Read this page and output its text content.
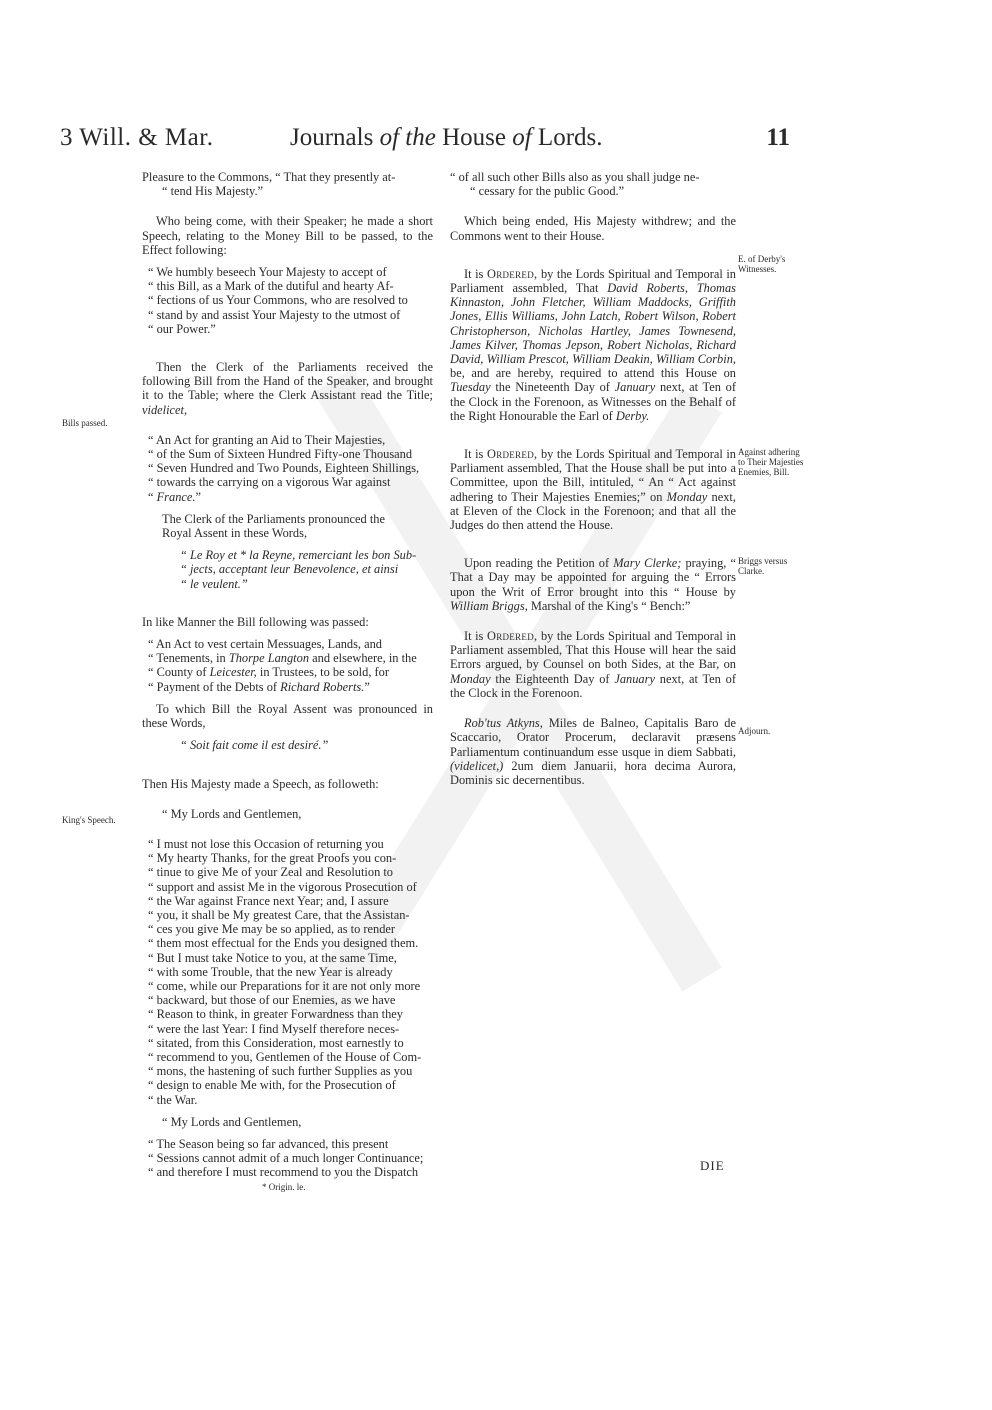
3 Will. & Mar.	Journals of the House of Lords.	11

Pleasure to the Commons, “ That they presently at-

“ tend His Majesty.”

Who being come, with their Speaker; he made a short Speech, relating to the Money Bill to be passed, to the Effect following:

“ We humbly beseech Your Majesty to accept of

“ this Bill, as a Mark of the dutiful and hearty Af-

“ fections of us Your Commons, who are resolved to

“ stand by and assist Your Majesty to the utmost of

“ our Power.”

Then the Clerk of the Parliaments received the following Bill from the Hand of the Speaker, and brought it to the Table; where the Clerk Assistant read the Title; videlicet,

“ An Act for granting an Aid to Their Majesties,

“ of the Sum of Sixteen Hundred Fifty-one Thousand

“ Seven Hundred and Two Pounds, Eighteen Shillings,

“ towards the carrying on a vigorous War against

“ France.”

The Clerk of the Parliaments pronounced the

Royal Assent in these Words,

“ Le Roy et * la Reyne, remerciant les bon Sub-

“ jects, acceptant leur Benevolence, et ainsi

“ le veulent.”

In like Manner the Bill following was passed:

“ An Act to vest certain Messuages, Lands, and

“ Tenements, in Thorpe Langton and elsewhere, in the

“ County of Leicester, in Trustees, to be sold, for

“ Payment of the Debts of Richard Roberts.”

To which Bill the Royal Assent was pronounced in these Words,

“ Soit fait come il est desiré.”

Then His Majesty made a Speech, as followeth:

“ My Lords and Gentlemen,

“ I must not lose this Occasion of returning you

“ My hearty Thanks, for the great Proofs you con-

“ tinue to give Me of your Zeal and Resolution to

“ support and assist Me in the vigorous Prosecution of

“ the War against France next Year; and, I assure

“ you, it shall be My greatest Care, that the Assistan-

“ ces you give Me may be so applied, as to render

“ them most effectual for the Ends you designed them.

“ But I must take Notice to you, at the same Time,

“ with some Trouble, that the new Year is already

“ come, while our Preparations for it are not only more

“ backward, but those of our Enemies, as we have

“ Reason to think, in greater Forwardness than they

“ were the last Year: I find Myself therefore neces-

“ sitated, from this Consideration, most earnestly to

“ recommend to you, Gentlemen of the House of Com-

“ mons, the hastening of such further Supplies as you

“ design to enable Me with, for the Prosecution of

“ the War.

“ My Lords and Gentlemen,

“ The Season being so far advanced, this present

“ Sessions cannot admit of a much longer Continuance;

“ and therefore I must recommend to you the Dispatch

“ of all such other Bills also as you shall judge ne-

“ cessary for the public Good.”

Which being ended, His Majesty withdrew; and the Commons went to their House.

It is Ordered, by the Lords Spiritual and Temporal in Parliament assembled, That David Roberts, Thomas Kinnaston, John Fletcher, William Maddocks, Griffith Jones, Ellis Williams, John Latch, Robert Wilson, Robert Christopherson, Nicholas Hartley, James Townesend, James Kilver, Thomas Jepson, Robert Nicholas, Richard David, William Prescot, William Deakin, William Corbin, be, and are hereby, required to attend this House on Tuesday the Nineteenth Day of January next, at Ten of the Clock in the Forenoon, as Witnesses on the Behalf of the Right Honourable the Earl of Derby.

It is Ordered, by the Lords Spiritual and Temporal in Parliament assembled, That the House shall be put into a Committee, upon the Bill, intituled, “ An “ Act against adhering to Their Majesties Enemies;” on Monday next, at Eleven of the Clock in the Forenoon; and that all the Judges do then attend the House.

Upon reading the Petition of Mary Clerke; praying, “ That a Day may be appointed for arguing the “ Errors upon the Writ of Error brought into this “ House by William Briggs, Marshal of the King's “ Bench:”

It is Ordered, by the Lords Spiritual and Temporal in Parliament assembled, That this House will hear the said Errors argued, by Counsel on both Sides, at the Bar, on Monday the Eighteenth Day of January next, at Ten of the Clock in the Forenoon.

Rob'tus Atkyns, Miles de Balneo, Capitalis Baro de Scaccario, Orator Procerum, declaravit præsens Parliamentum continuandum esse usque in diem Sabbati, (videlicet,) 2um diem Januarii, hora decima Aurora, Dominis sic decernentibus.

Bills passed.
King's Speech.
E. of Derby's Witnesses.
Against adhering to Their Majesties Enemies, Bill.
Briggs versus Clarke.
Adjourn.
* Origin. le.
DIE
